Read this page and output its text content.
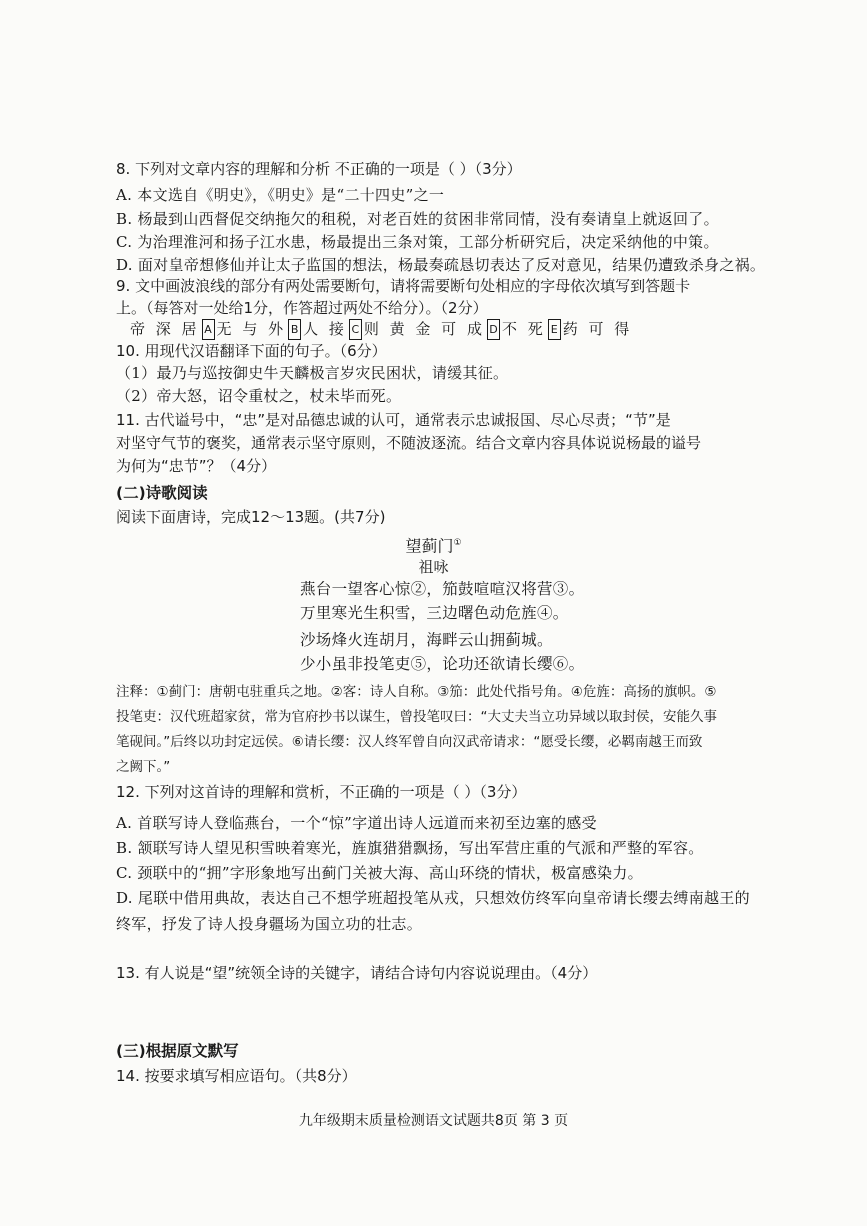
8. 下列对文章内容的理解和分析 不正确的一项是（ ）（3分）
A. 本文选自《明史》，《明史》是“二十四史”之一
B. 杨最到山西督促交纳拖欠的租税，对老百姓的贫困非常同情，没有奏请皇上就返回了。
C. 为治理淮河和扬子江水患，杨最提出三条对策，工部分析研究后，决定采纳他的中策。
D. 面对皇帝想修仙并让太子监国的想法，杨最奏疏恳切表达了反对意见，结果仍遭致杀身之祸。
9. 文中画波浪线的部分有两处需要断句，请将需要断句处相应的字母依次填写到答题卡
上。（每答对一处给1分，作答超过两处不给分）。（2分）
帝 深 居 A 无 与 外 B 人 接 C 则 黄 金 可 成 D 不 死 E 药 可 得
10. 用现代汉语翻译下面的句子。（6分）
（1）最乃与巡按御史牛天麟极言岁灾民困状，请缓其征。
（2）帝大怒，诏令重杖之，杖未毕而死。
11. 古代谥号中，“忠”是对品德忠诚的认可，通常表示忠诚报国、尽心尽责；“节”是
对坚守气节的褒奖，通常表示坚守原则，不随波逐流。结合文章内容具体说说杨最的谥号
为何为“忠节”？（4分）
(二)诗歌阅读
阅读下面唐诗，完成12～13题。(共7分)
望蓟门①
祖咏
燕台一望客心惊②，笳鼓喧喧汉将营③。
万里寒光生积雪，三边曙色动危旌④。
沙场烽火连胡月，海畔云山拥蓟城。
少小虽非投笔吏⑤，论功还欲请长缨⑥。
注释：①蓟门：唐朝屯驻重兵之地。②客：诗人自称。③笳：此处代指号角。④危旌：高扬的旗帜。⑤
投笔吏：汉代班超家贫，常为官府抄书以谋生，曾投笔叹曰：“大丈夫当立功异域以取封侯，安能久事
笔砚间。”后终以功封定远侯。⑥请长缨：汉人终军曾自向汉武帝请求：“愿受长缨，必羁南越王而致
之阙下。”
12. 下列对这首诗的理解和赏析，不正确的一项是（ ）（3分）
A. 首联写诗人登临燕台，一个“惊”字道出诗人远道而来初至边塞的感受
B. 颔联写诗人望见积雪映着寒光，旌旗猎猎飘扬，写出军营庄重的气派和严整的军容。
C. 颈联中的“拥”字形象地写出蓟门关被大海、高山环绕的情状，极富感染力。
D. 尾联中借用典故，表达自己不想学班超投笔从戎，只想效仿终军向皇帝请长缨去缚南越王的
终军，抒发了诗人投身疆场为国立功的壮志。
13. 有人说是“望”统领全诗的关键字，请结合诗句内容说说理由。（4分）
(三)根据原文默写
14. 按要求填写相应语句。（共8分）
九年级期末质量检测语文试题共8页 第 3 页
